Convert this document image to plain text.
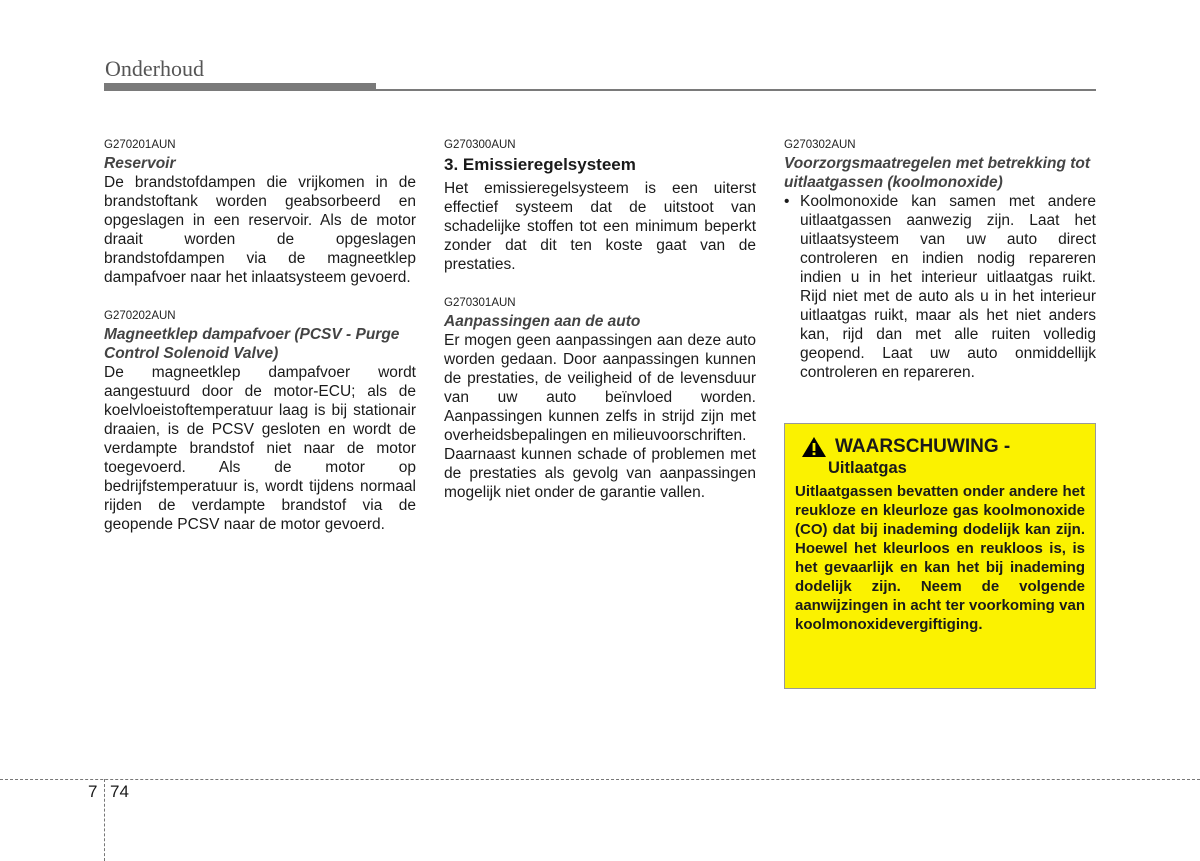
Onderhoud

G270201AUN

Reservoir

De brandstofdampen die vrijkomen in de brandstoftank worden geabsorbeerd en opgeslagen in een reservoir. Als de motor draait worden de opgeslagen brandstofdampen via de magneetklep dampafvoer naar het inlaatsysteem gevoerd.

G270202AUN

Magneetklep dampafvoer (PCSV - Purge Control Solenoid Valve)

De magneetklep dampafvoer wordt aangestuurd door de motor-ECU; als de koelvloeistoftemperatuur laag is bij stationair draaien, is de PCSV gesloten en wordt de verdampte brandstof niet naar de motor toegevoerd. Als de motor op bedrijfstemperatuur is, wordt tijdens normaal rijden de verdampte brandstof via de geopende PCSV naar de motor gevoerd.

G270300AUN

3. Emissieregelsysteem

Het emissieregelsysteem is een uiterst effectief systeem dat de uitstoot van schadelijke stoffen tot een minimum beperkt zonder dat dit ten koste gaat van de prestaties.

G270301AUN

Aanpassingen aan de auto

Er mogen geen aanpassingen aan deze auto worden gedaan. Door aanpassingen kunnen de prestaties, de veiligheid of de levensduur van uw auto beïnvloed worden. Aanpassingen kunnen zelfs in strijd zijn met overheidsbepalingen en milieuvoorschriften.

Daarnaast kunnen schade of problemen met de prestaties als gevolg van aanpassingen mogelijk niet onder de garantie vallen.

G270302AUN

Voorzorgsmaatregelen met betrekking tot uitlaatgassen (koolmonoxide)

• Koolmonoxide kan samen met andere uitlaatgassen aanwezig zijn. Laat het uitlaatsysteem van uw auto direct controleren en indien nodig repareren indien u in het interieur uitlaatgas ruikt. Rijd niet met de auto als u in het interieur uitlaatgas ruikt, maar als het niet anders kan, rijd dan met alle ruiten volledig geopend. Laat uw auto onmiddellijk controleren en repareren.
WAARSCHUWING -
Uitlaatgas
Uitlaatgassen bevatten onder andere het reukloze en kleurloze gas koolmonoxide (CO) dat bij inademing dodelijk kan zijn. Hoewel het kleurloos en reukloos is, is het gevaarlijk en kan het bij inademing dodelijk zijn. Neem de volgende aanwijzingen in acht ter voorkoming van koolmonoxidevergiftiging.
7 74
